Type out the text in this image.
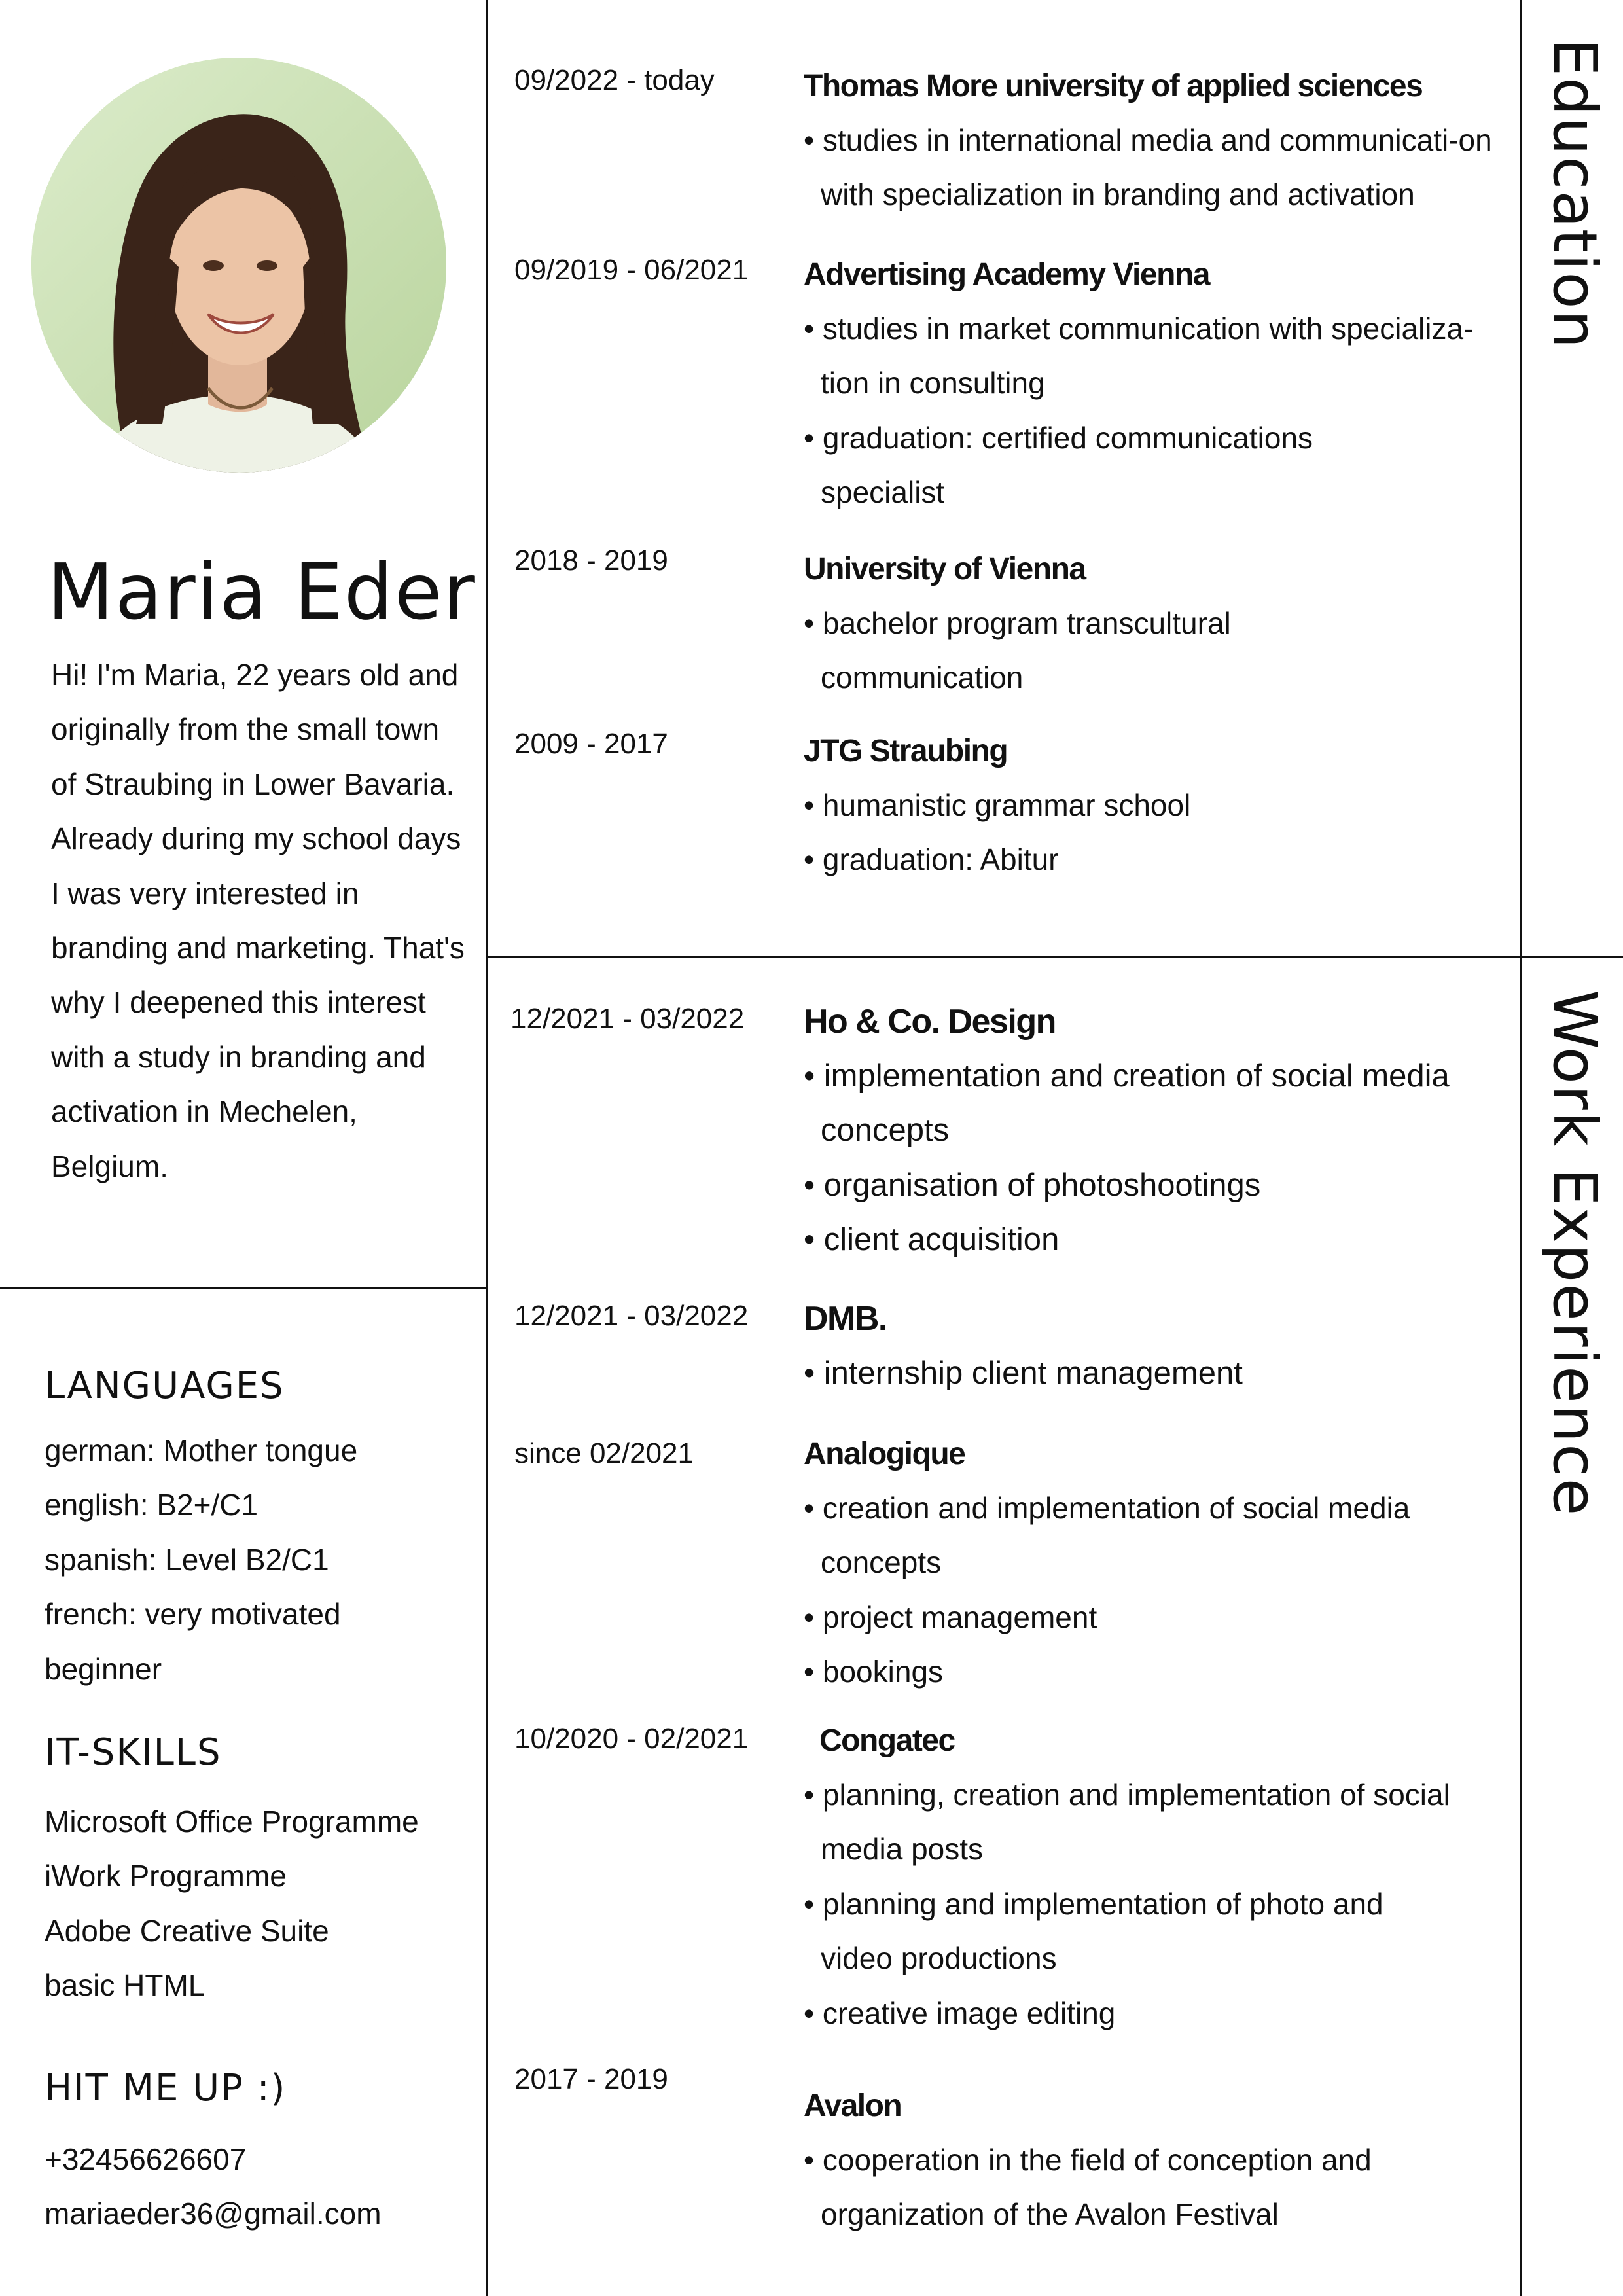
Maria Eder

Hi! I'm Maria, 22 years old and originally from the small town of Straubing in Lower Bavaria. Already during my school days I was very interested in branding and marketing. That's why I deepened this interest with a study in branding and activation in Mechelen, Belgium.

LANGUAGES
german: Mother tongue
english: B2+/C1
spanish: Level B2/C1
french: very motivated beginner
IT-SKILLS
Microsoft Office Programme
iWork Programme
Adobe Creative Suite
basic HTML
HIT ME UP :)
+32456626607
mariaeder36@gmail.com
Education
Work Experience
09/2022 - today	Thomas More university of applied sciences
• studies in international media and communicati-on with specialization in branding and activation
09/2019 - 06/2021 Advertising Academy Vienna
• studies in market communication with specializa-tion in consulting
• graduation: certified communications specialist
2018 - 2019	University of Vienna
• bachelor program transcultural communication
2009 - 2017	JTG Straubing
• humanistic grammar school
• graduation: Abitur
12/2021 - 03/2022 Ho & Co. Design
• implementation and creation of social media concepts
• organisation of photoshootings
• client acquisition
12/2021 - 03/2022 DMB.
• internship client management
since 02/2021	Analogique
• creation and implementation of social media concepts
• project management
• bookings
10/2020 - 02/2021 Congatec
• planning, creation and implementation of social media posts
• planning and implementation of photo and video productions
• creative image editing
2017 - 2019
Avalon
• cooperation in the field of conception and organization of the Avalon Festival
